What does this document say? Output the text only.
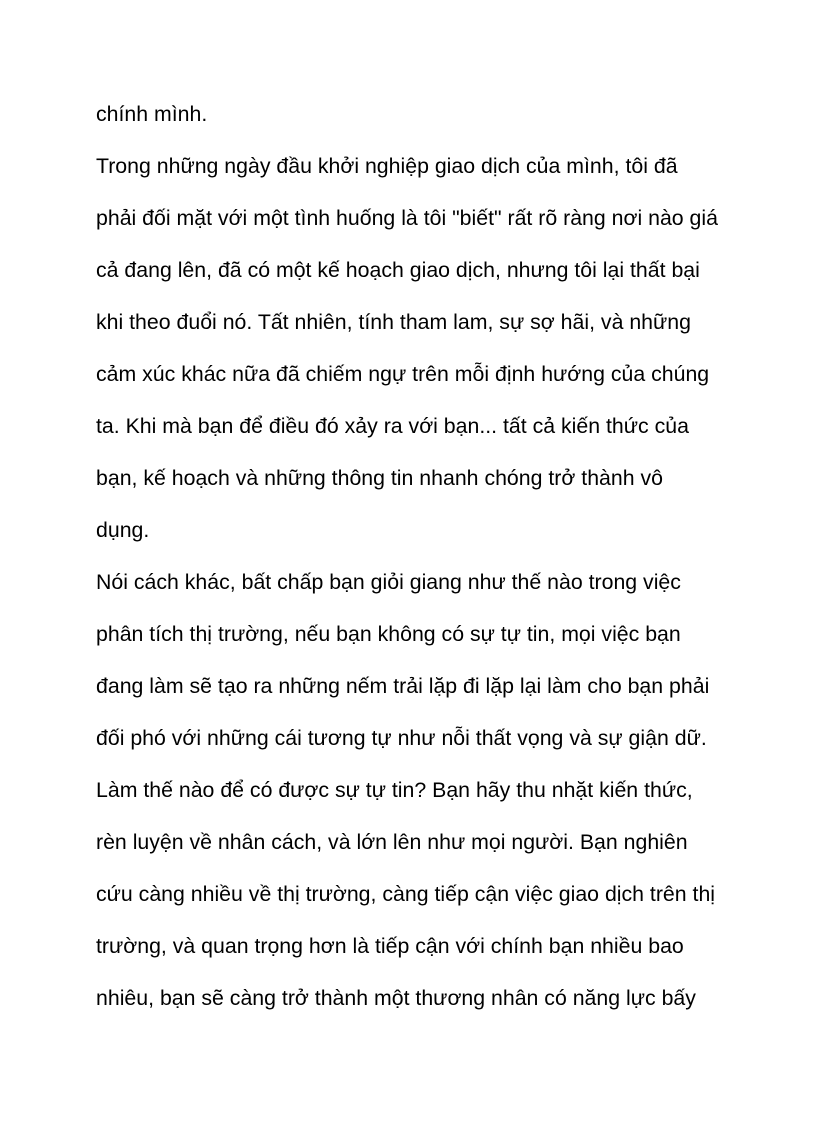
chính mình.
Trong những ngày đầu khởi nghiệp giao dịch của mình, tôi đã
phải đối mặt với một tình huống là tôi "biết" rất rõ ràng nơi nào giá
cả đang lên, đã có một kế hoạch giao dịch, nhưng tôi lại thất bại
khi theo đuổi nó. Tất nhiên, tính tham lam, sự sợ hãi, và những
cảm xúc khác nữa đã chiếm ngự trên mỗi định hướng của chúng
ta. Khi mà bạn để điều đó xảy ra với bạn... tất cả kiến thức của
bạn, kế hoạch và những thông tin nhanh chóng trở thành vô
dụng.
Nói cách khác, bất chấp bạn giỏi giang như thế nào trong việc
phân tích thị trường, nếu bạn không có sự tự tin, mọi việc bạn
đang làm sẽ tạo ra những nếm trải lặp đi lặp lại làm cho bạn phải
đối phó với những cái tương tự như nỗi thất vọng và sự giận dữ.
Làm thế nào để có được sự tự tin? Bạn hãy thu nhặt kiến thức,
rèn luyện về nhân cách, và lớn lên như mọi người. Bạn nghiên
cứu càng nhiều về thị trường, càng tiếp cận việc giao dịch trên thị
trường, và quan trọng hơn là tiếp cận với chính bạn nhiều bao
nhiêu, bạn sẽ càng trở thành một thương nhân có năng lực bấy
